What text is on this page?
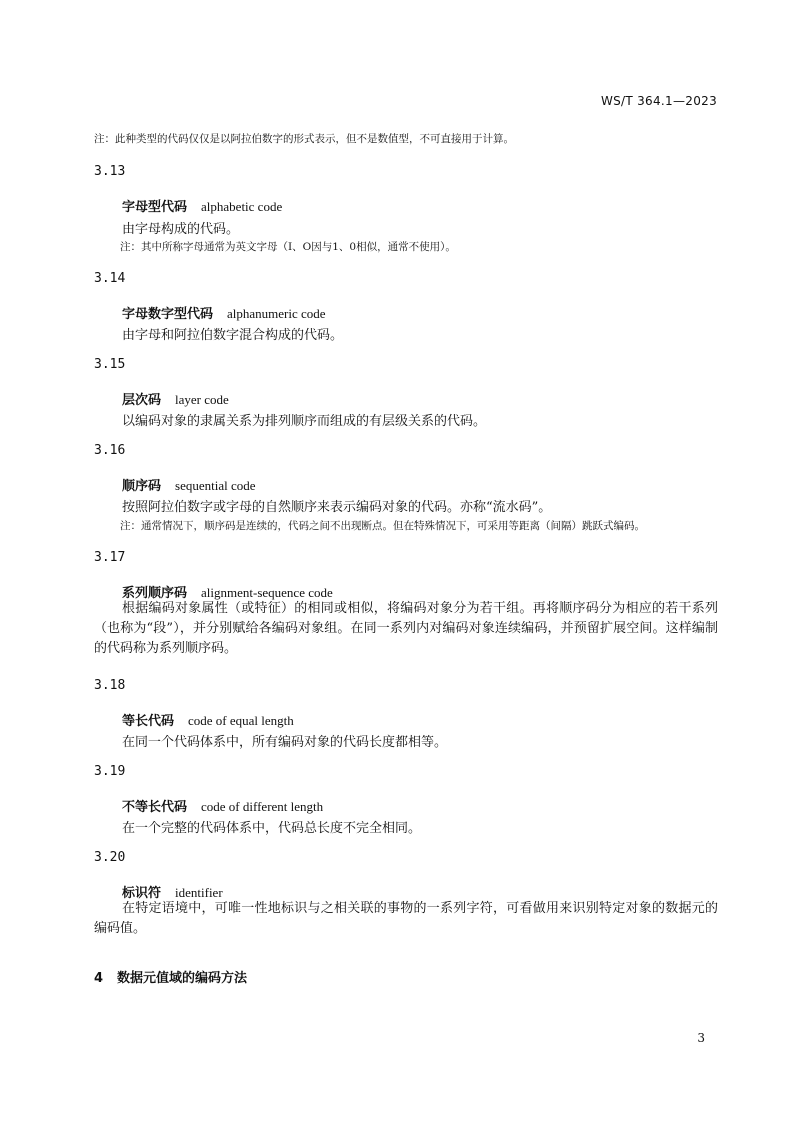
WS/T 364.1—2023
注：此种类型的代码仅仅是以阿拉伯数字的形式表示，但不是数值型，不可直接用于计算。
3.13
字母型代码 alphabetic code
由字母构成的代码。
注：其中所称字母通常为英文字母（I、O因与1、0相似，通常不使用）。
3.14
字母数字型代码 alphanumeric code
由字母和阿拉伯数字混合构成的代码。
3.15
层次码 layer code
以编码对象的隶属关系为排列顺序而组成的有层级关系的代码。
3.16
顺序码 sequential code
按照阿拉伯数字或字母的自然顺序来表示编码对象的代码。亦称“流水码”。
注：通常情况下，顺序码是连续的，代码之间不出现断点。但在特殊情况下，可采用等距离（间隔）跳跃式编码。
3.17
系列顺序码 alignment-sequence code
根据编码对象属性（或特征）的相同或相似，将编码对象分为若干组。再将顺序码分为相应的若干系列（也称为“段”），并分别赋给各编码对象组。在同一系列内对编码对象连续编码，并预留扩展空间。这样编制的代码称为系列顺序码。
3.18
等长代码 code of equal length
在同一个代码体系中，所有编码对象的代码长度都相等。
3.19
不等长代码 code of different length
在一个完整的代码体系中，代码总长度不完全相同。
3.20
标识符 identifier
在特定语境中，可唯一性地标识与之相关联的事物的一系列字符，可看做用来识别特定对象的数据元的编码值。
4 数据元值域的编码方法
3
